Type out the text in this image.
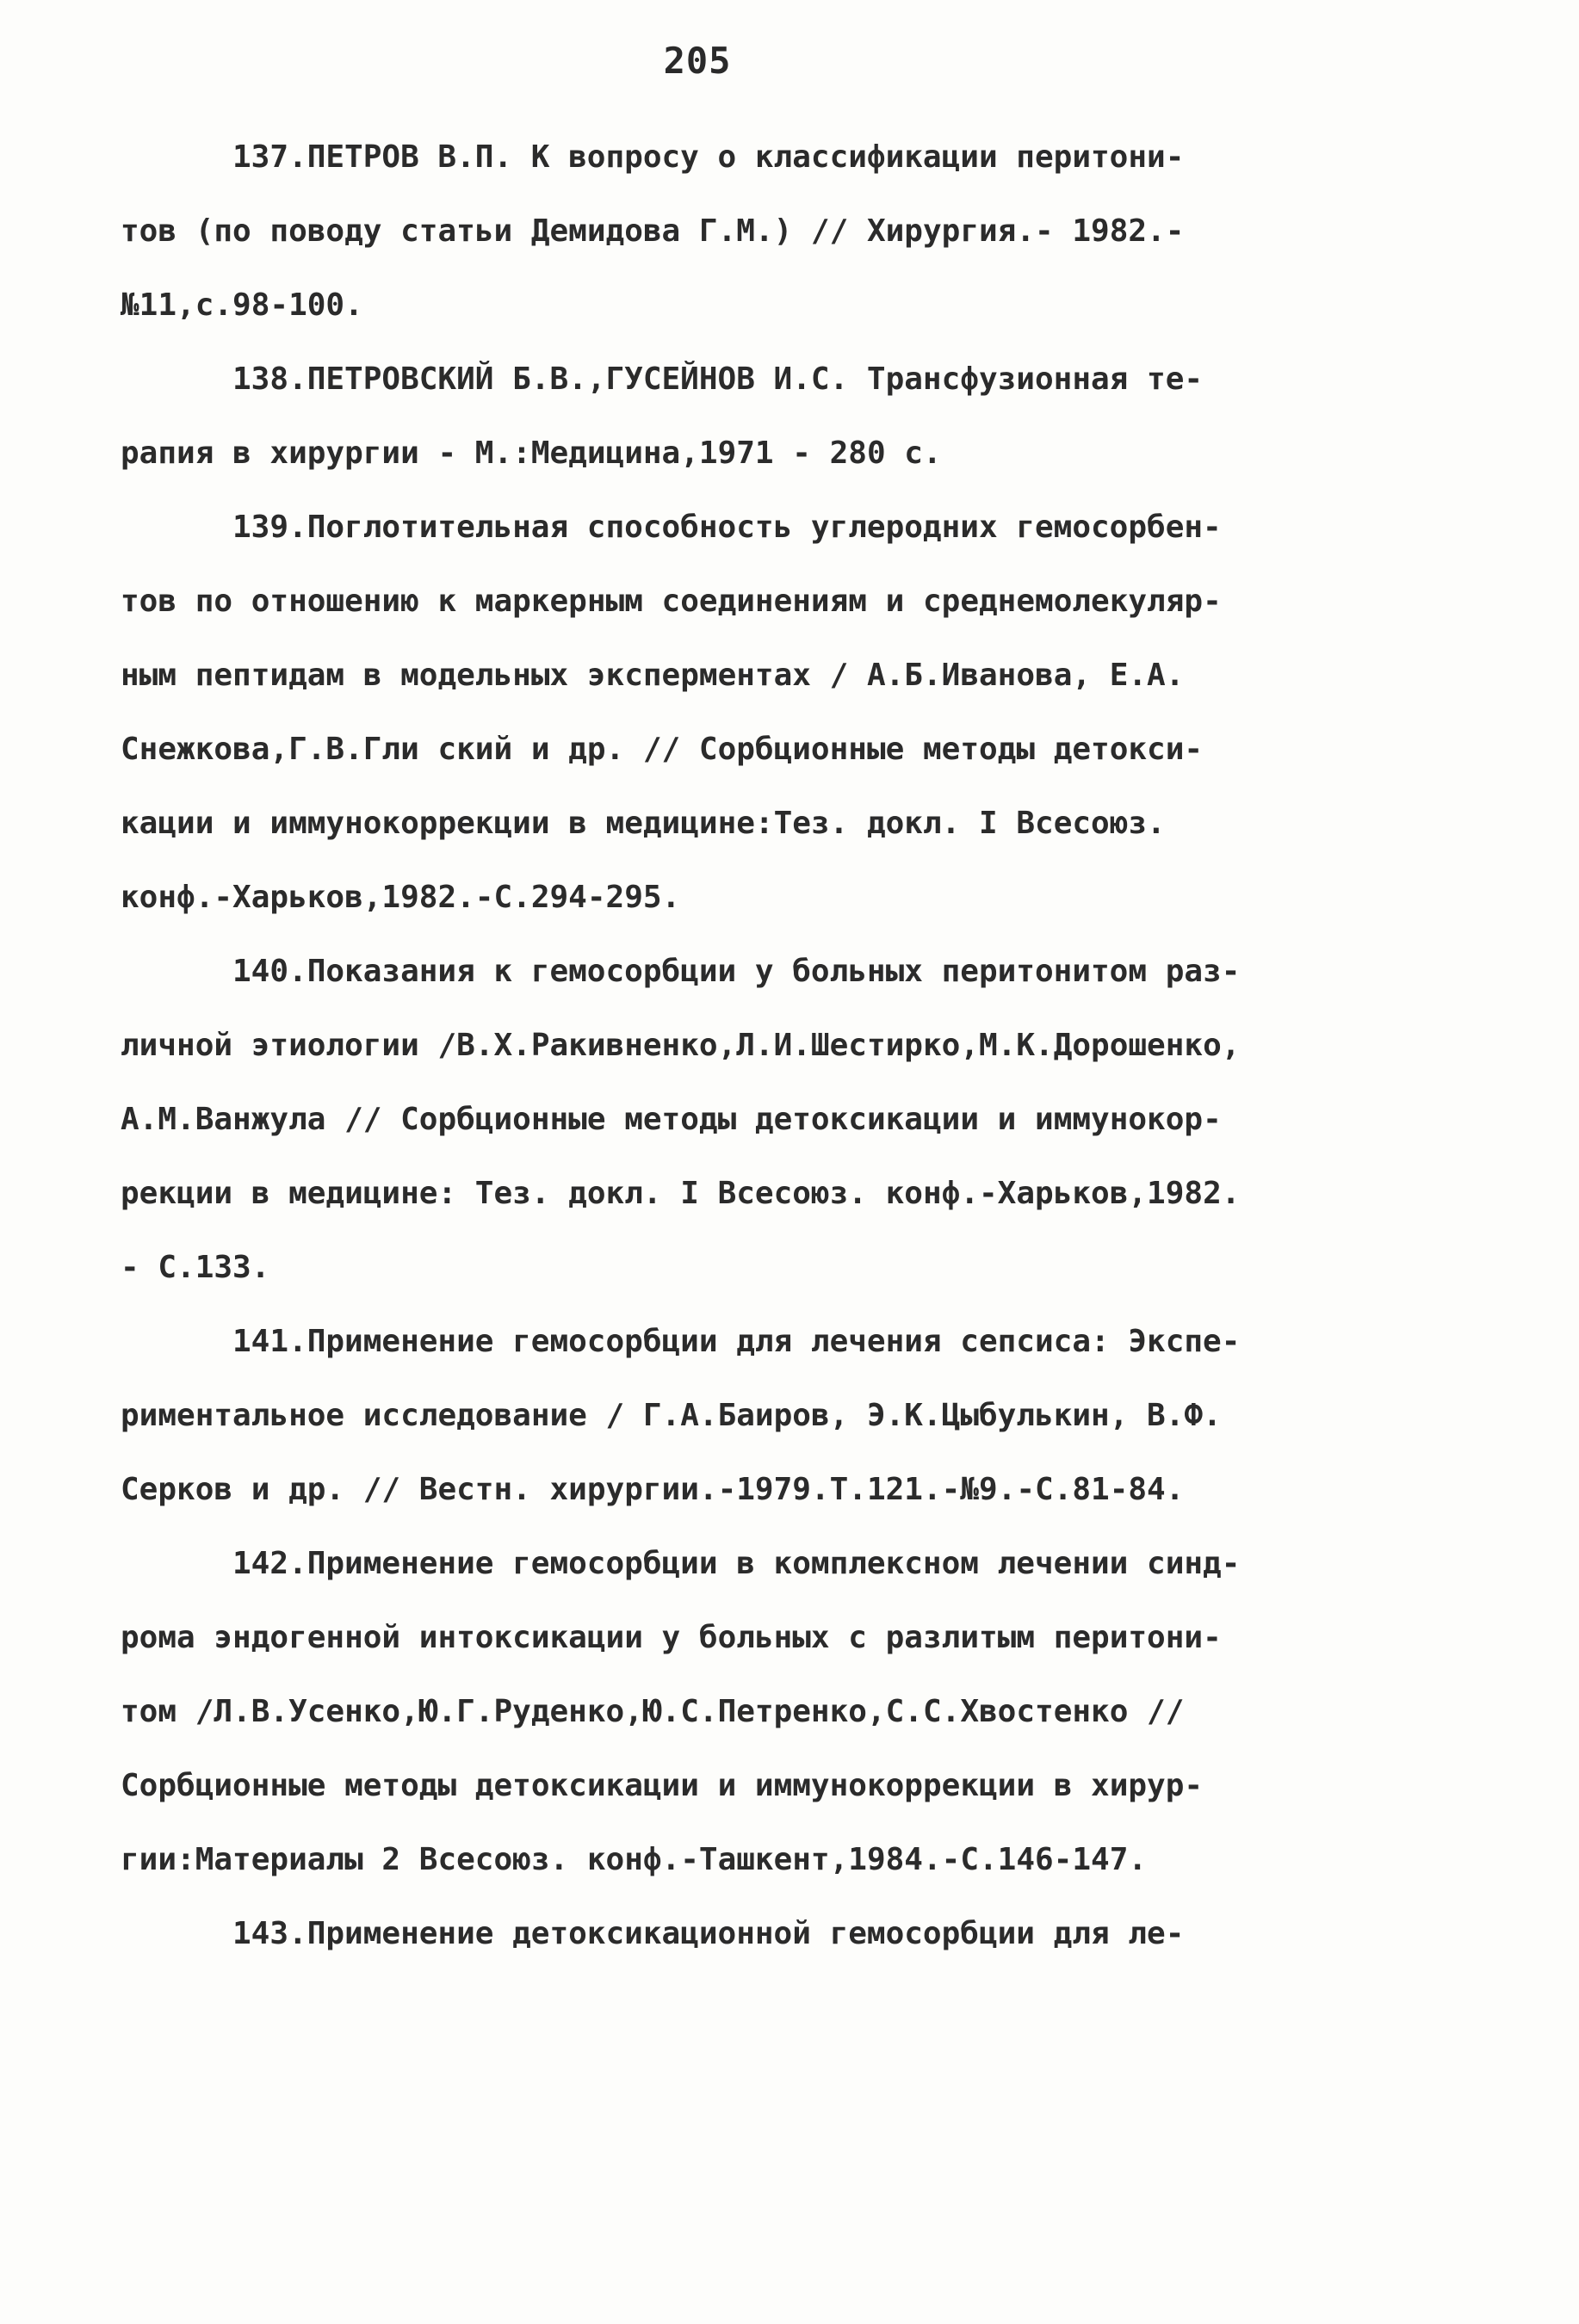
205
137.ПЕТРОВ В.П. К вопросу о классификации перитони-
тов (по поводу статьи Демидова Г.М.) // Хирургия.- 1982.-
№11,с.98-100.
138.ПЕТРОВСКИЙ Б.В.,ГУСЕЙНОВ И.С. Трансфузионная те-
рапия в хирургии - М.:Медицина,1971 - 280 с.
139.Поглотительная способность углеродних гемосорбен-
тов по отношению к маркерным соединениям и среднемолекуляр-
ным пептидам в модельных эксперментах / А.Б.Иванова, Е.А.
Снежкова,Г.В.Гли ский и др. // Сорбционные методы детокси-
кации и иммунокоррекции в медицине:Тез. докл. I Всесоюз.
конф.-Харьков,1982.-С.294-295.
140.Показания к гемосорбции у больных перитонитом раз-
личной этиологии /В.Х.Ракивненко,Л.И.Шестирко,М.К.Дорошенко,
А.М.Ванжула // Сорбционные методы детоксикации и иммунокор-
рекции в медицине: Тез. докл. I Всесоюз. конф.-Харьков,1982.
- С.133.
141.Применение гемосорбции для лечения сепсиса: Экспе-
риментальное исследование / Г.А.Баиров, Э.К.Цыбулькин, В.Ф.
Серков и др. // Вестн. хирургии.-1979.Т.121.-№9.-С.81-84.
142.Применение гемосорбции в комплексном лечении синд-
рома эндогенной интоксикации у больных с разлитым перитони-
том /Л.В.Усенко,Ю.Г.Руденко,Ю.С.Петренко,С.С.Хвостенко //
Сорбционные методы детоксикации и иммунокоррекции в хирур-
гии:Материалы 2 Всесоюз. конф.-Ташкент,1984.-С.146-147.
143.Применение детоксикационной гемосорбции для ле-
